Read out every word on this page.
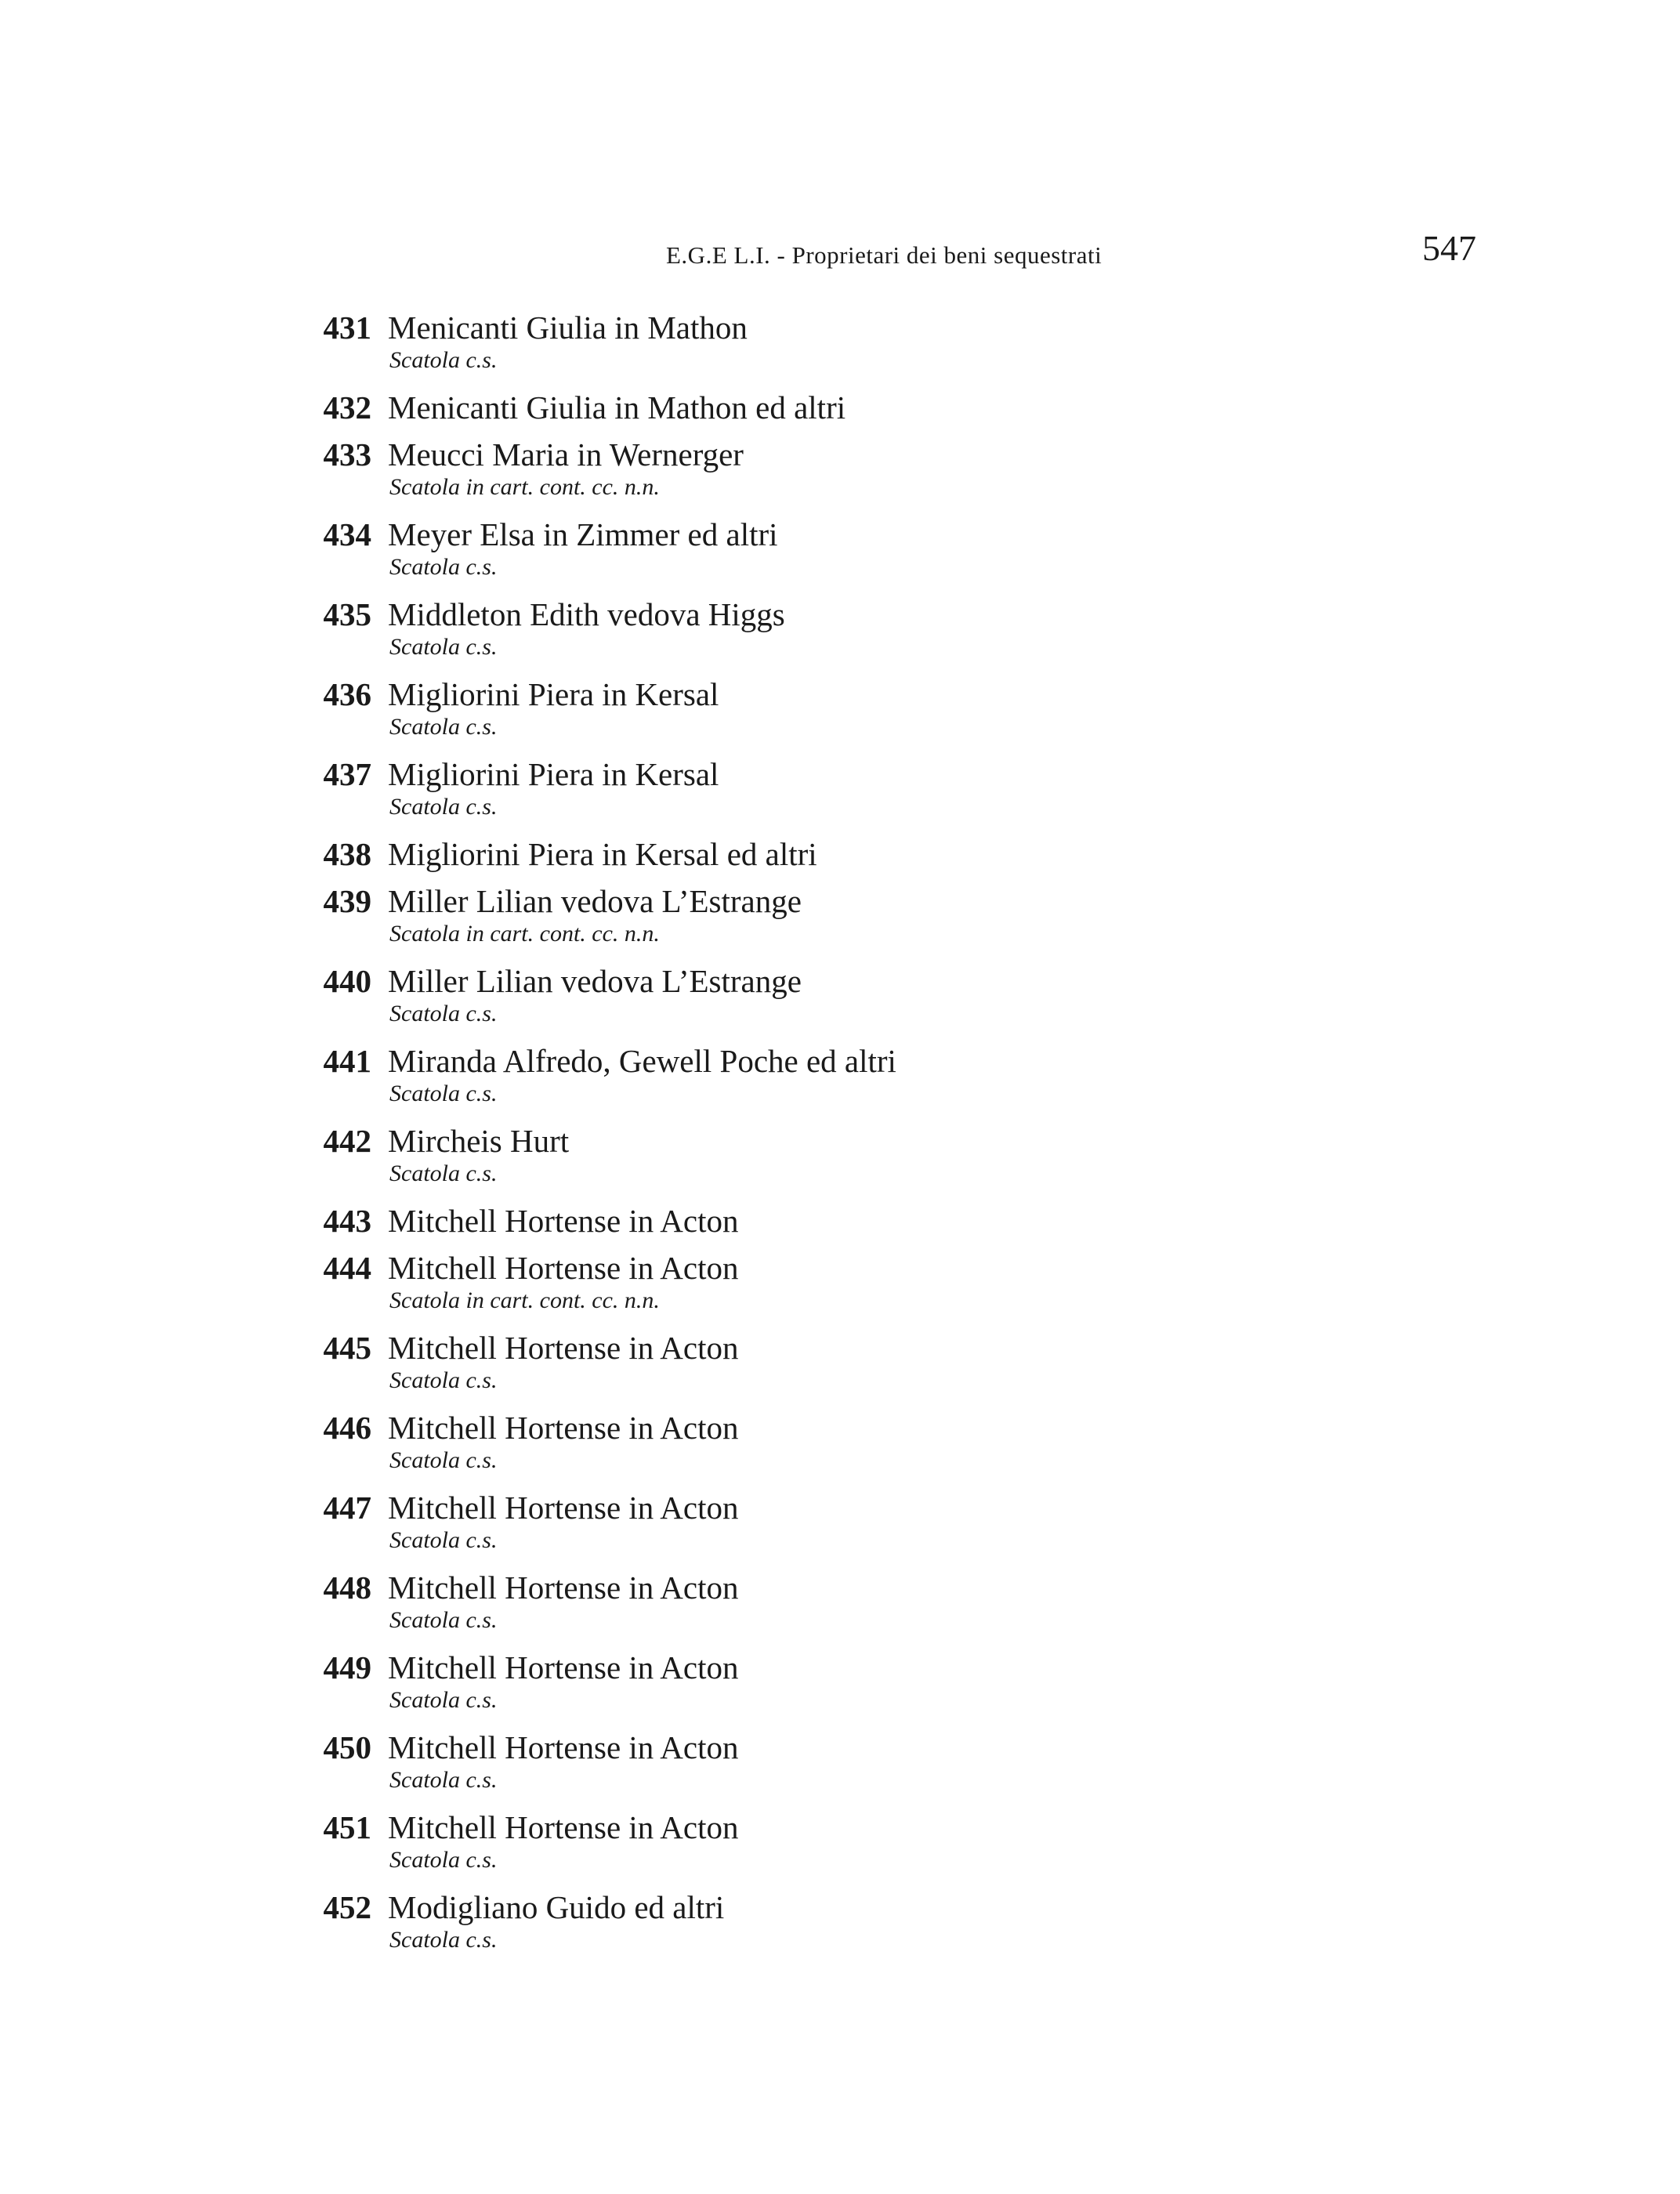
E.G.E L.I. - Proprietari dei beni sequestrati	547
431 Menicanti Giulia in Mathon
Scatola c.s.
432 Menicanti Giulia in Mathon ed altri
433 Meucci Maria in Wernerger
Scatola in cart. cont. cc. n.n.
434 Meyer Elsa in Zimmer ed altri
Scatola c.s.
435 Middleton Edith vedova Higgs
Scatola c.s.
436 Migliorini Piera in Kersal
Scatola c.s.
437 Migliorini Piera in Kersal
Scatola c.s.
438 Migliorini Piera in Kersal ed altri
439 Miller Lilian vedova L’Estrange
Scatola in cart. cont. cc. n.n.
440 Miller Lilian vedova L’Estrange
Scatola c.s.
441 Miranda Alfredo, Gewell Poche ed altri
Scatola c.s.
442 Mircheis Hurt
Scatola c.s.
443 Mitchell Hortense in Acton
444 Mitchell Hortense in Acton
Scatola in cart. cont. cc. n.n.
445 Mitchell Hortense in Acton
Scatola c.s.
446 Mitchell Hortense in Acton
Scatola c.s.
447 Mitchell Hortense in Acton
Scatola c.s.
448 Mitchell Hortense in Acton
Scatola c.s.
449 Mitchell Hortense in Acton
Scatola c.s.
450 Mitchell Hortense in Acton
Scatola c.s.
451 Mitchell Hortense in Acton
Scatola c.s.
452 Modigliano Guido ed altri
Scatola c.s.
